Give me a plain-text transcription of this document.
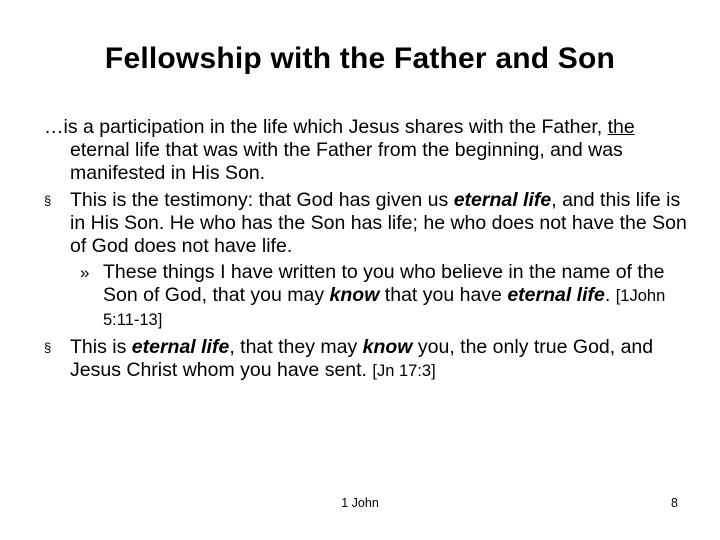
Fellowship with the Father and Son

…is a participation in the life which Jesus shares with the Father, the eternal life that was with the Father from the beginning, and was manifested in His Son.

§ This is the testimony: that God has given us eternal life, and this life is in His Son. He who has the Son has life; he who does not have the Son of God does not have life.
» These things I have written to you who believe in the name of the Son of God, that you may know that you have eternal life. [1John 5:11-13]
§ This is eternal life, that they may know you, the only true God, and Jesus Christ whom you have sent. [Jn 17:3]
1 John	8
